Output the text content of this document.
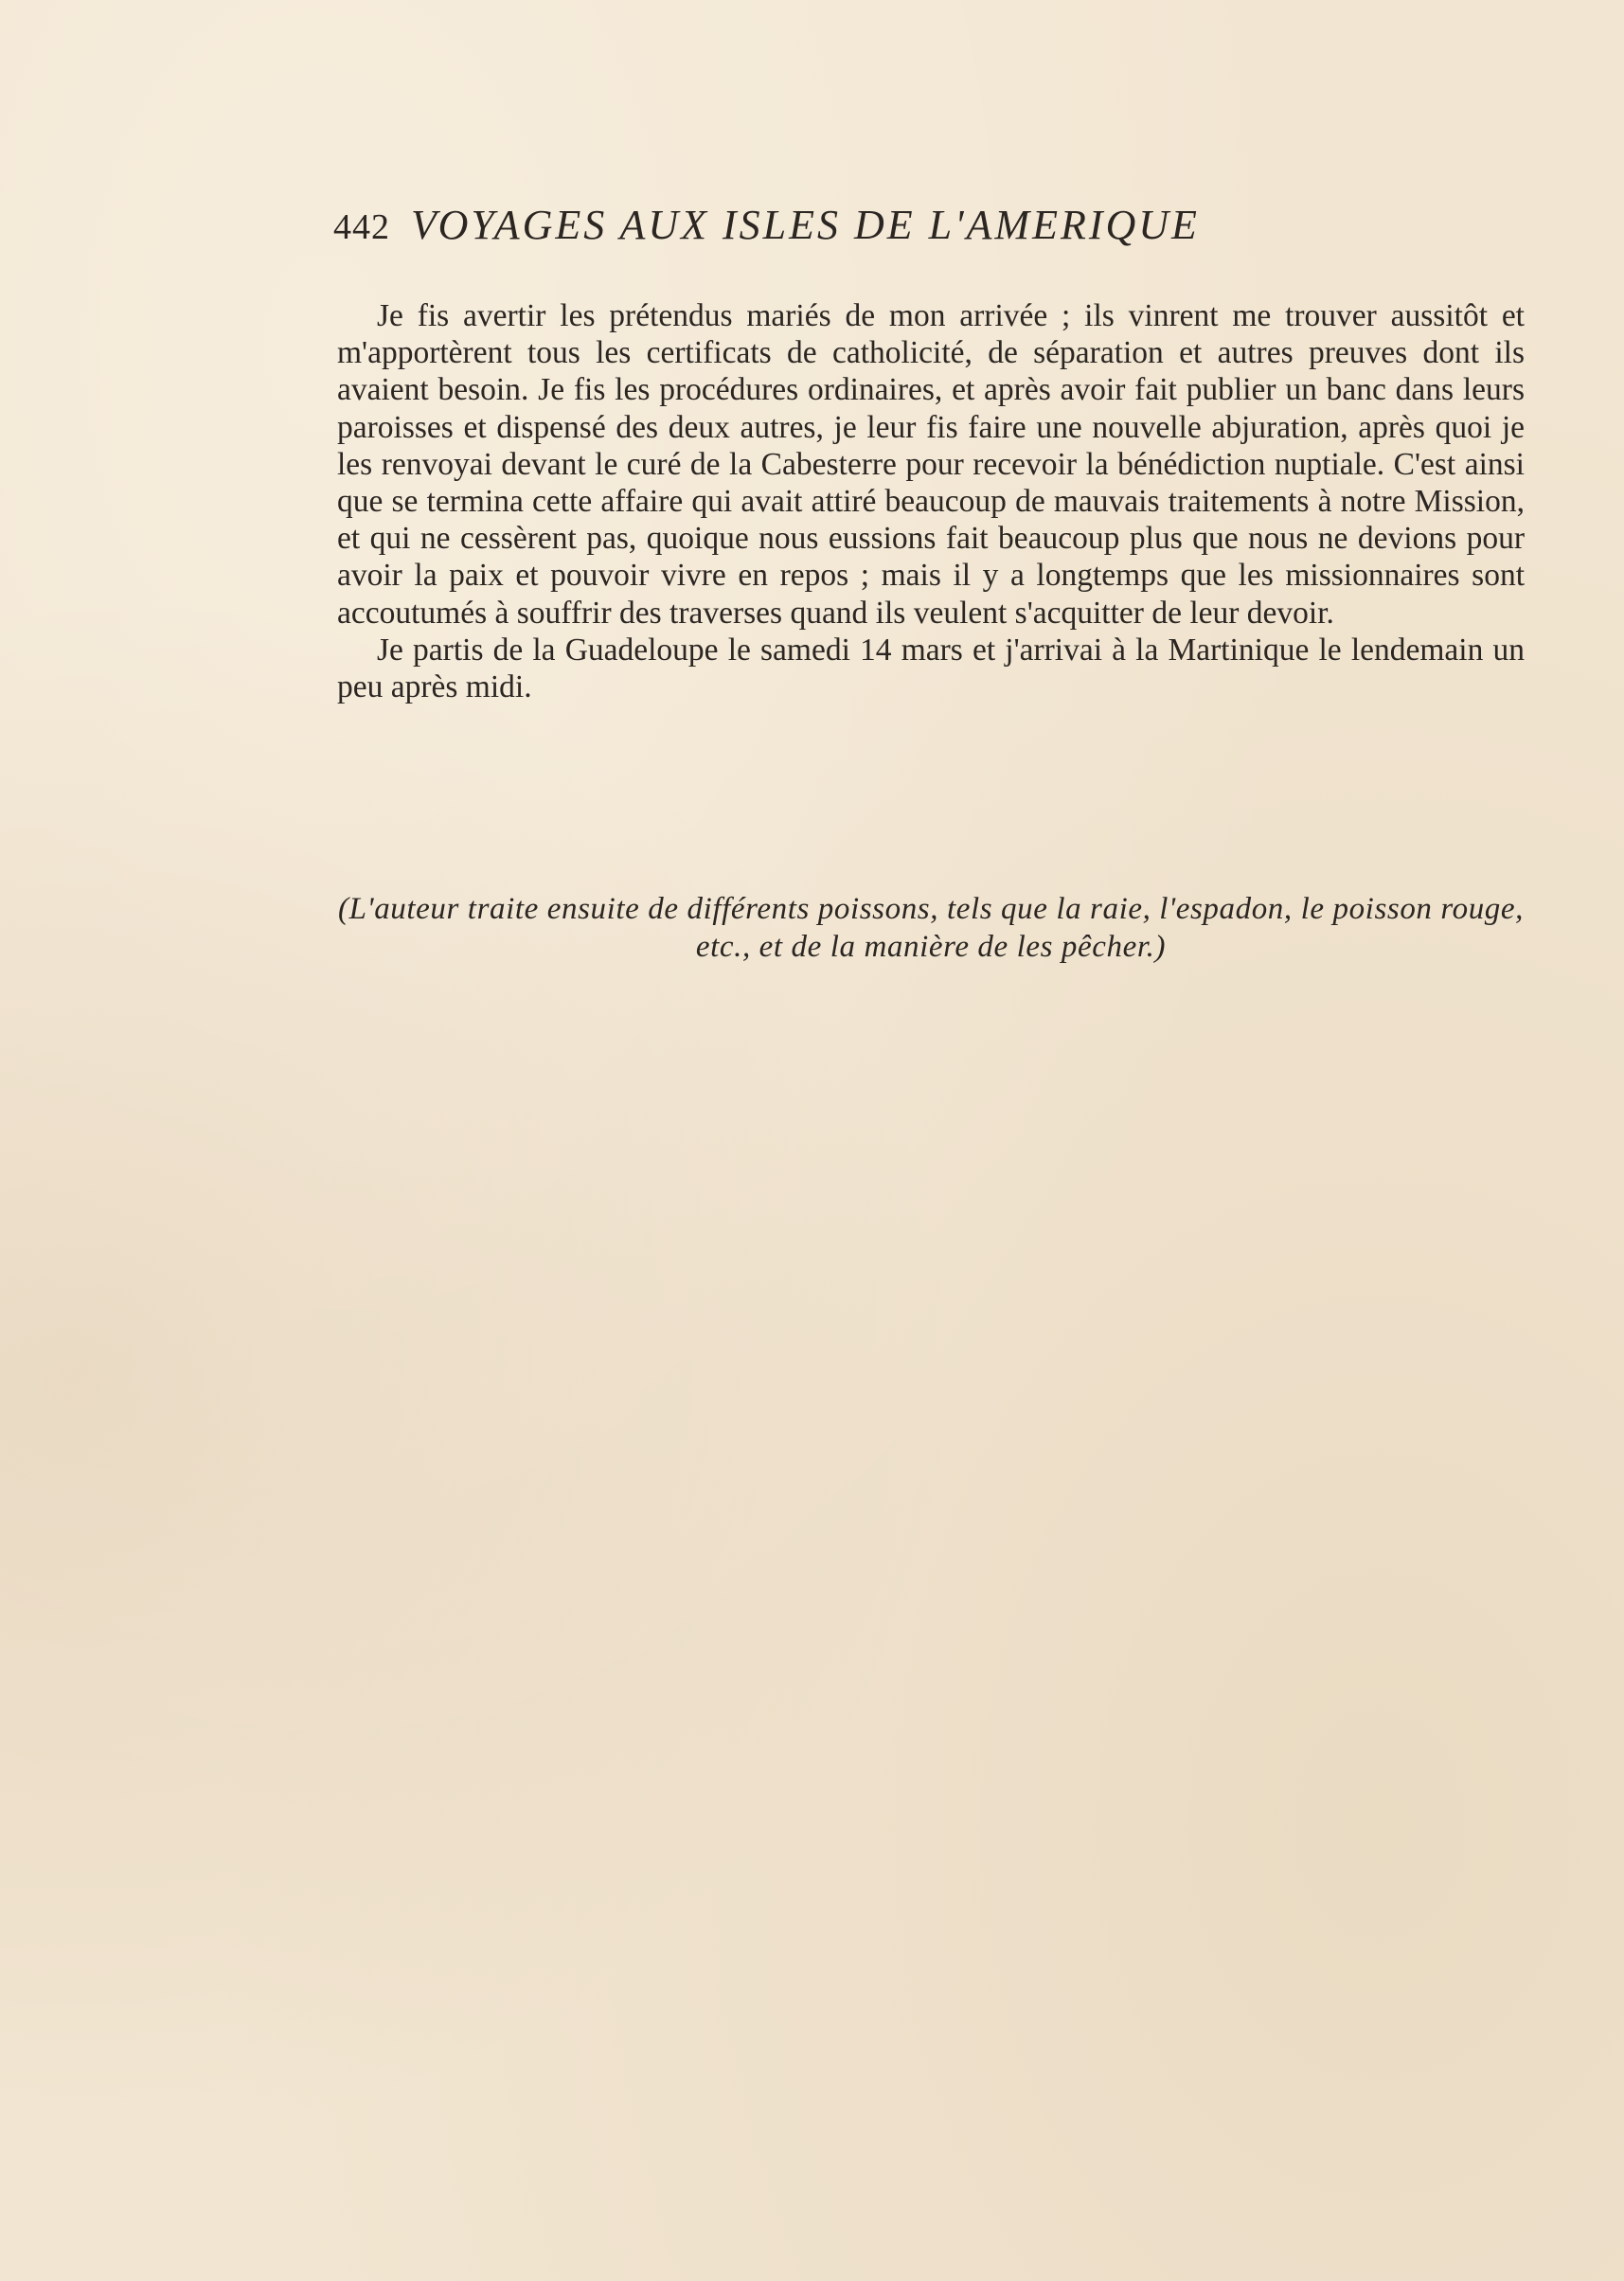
442 VOYAGES AUX ISLES DE L'AMERIQUE

Je fis avertir les prétendus mariés de mon arrivée ; ils vinrent me trouver aussitôt et m'apportèrent tous les certificats de catholicité, de séparation et autres preuves dont ils avaient besoin. Je fis les procédures ordinaires, et après avoir fait publier un banc dans leurs paroisses et dispensé des deux autres, je leur fis faire une nouvelle abjuration, après quoi je les renvoyai devant le curé de la Cabesterre pour recevoir la bénédiction nuptiale. C'est ainsi que se termina cette affaire qui avait attiré beaucoup de mauvais traitements à notre Mission, et qui ne cessèrent pas, quoique nous eussions fait beaucoup plus que nous ne devions pour avoir la paix et pouvoir vivre en repos ; mais il y a longtemps que les missionnaires sont accoutumés à souffrir des traverses quand ils veulent s'acquitter de leur devoir.

Je partis de la Guadeloupe le samedi 14 mars et j'arrivai à la Martinique le lendemain un peu après midi.

(L'auteur traite ensuite de différents poissons, tels que la raie, l'espadon, le poisson rouge, etc., et de la manière de les pêcher.)
